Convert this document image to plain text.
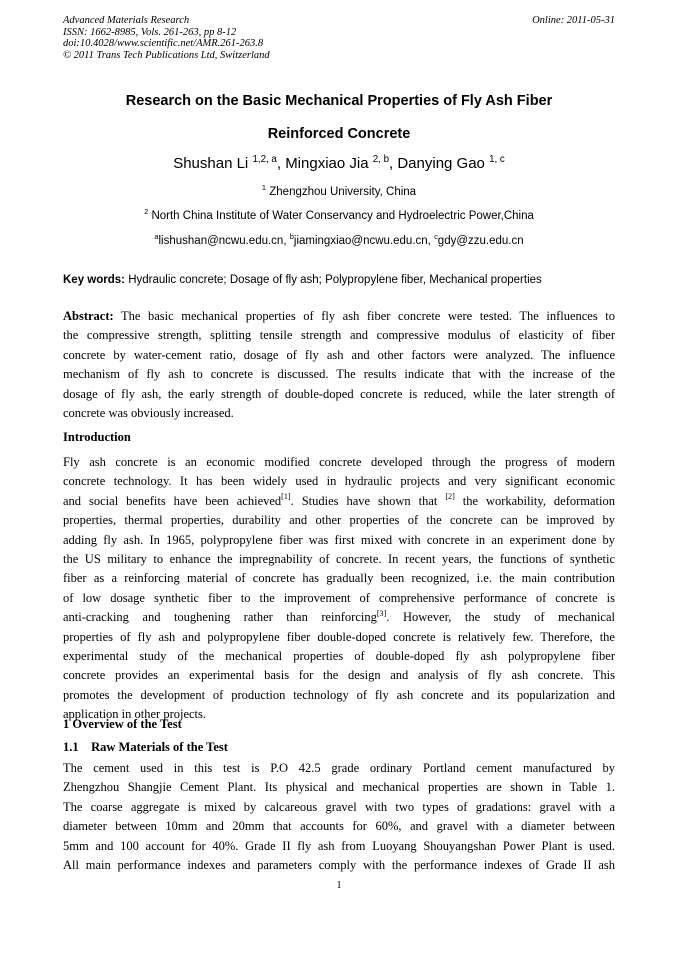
Advanced Materials Research
ISSN: 1662-8985, Vols. 261-263, pp 8-12
doi:10.4028/www.scientific.net/AMR.261-263.8
© 2011 Trans Tech Publications Ltd, Switzerland
Online: 2011-05-31
Research on the Basic Mechanical Properties of Fly Ash Fiber
Reinforced Concrete
Shushan Li $^{1,2, a}$, Mingxiao Jia $^{2, b}$, Danying Gao $^{1, c}$
$^1$ Zhengzhou University, China
$^2$ North China Institute of Water Conservancy and Hydroelectric Power,China
$^a$lishushan@ncwu.edu.cn, $^b$jiamingxiao@ncwu.edu.cn, $^c$gdy@zzu.edu.cn
Key words: Hydraulic concrete; Dosage of fly ash; Polypropylene fiber, Mechanical properties
Abstract: The basic mechanical properties of fly ash fiber concrete were tested. The influences to
the compressive strength, splitting tensile strength and compressive modulus of elasticity of fiber
concrete by water-cement ratio, dosage of fly ash and other factors were analyzed. The influence
mechanism of fly ash to concrete is discussed. The results indicate that with the increase of the
dosage of fly ash, the early strength of double-doped concrete is reduced, while the later strength of
concrete was obviously increased.
Introduction
Fly ash concrete is an economic modified concrete developed through the progress of modern
concrete technology. It has been widely used in hydraulic projects and very significant economic
and social benefits have been achieved[1]. Studies have shown that [2] the workability, deformation
properties, thermal properties, durability and other properties of the concrete can be improved by
adding fly ash. In 1965, polypropylene fiber was first mixed with concrete in an experiment done by
the US military to enhance the impregnability of concrete. In recent years, the functions of synthetic
fiber as a reinforcing material of concrete has gradually been recognized, i.e. the main contribution
of low dosage synthetic fiber to the improvement of comprehensive performance of concrete is
anti-cracking and toughening rather than reinforcing[3]. However, the study of mechanical
properties of fly ash and polypropylene fiber double-doped concrete is relatively few. Therefore, the
experimental study of the mechanical properties of double-doped fly ash polypropylene fiber
concrete provides an experimental basis for the design and analysis of fly ash concrete. This
promotes the development of production technology of fly ash concrete and its popularization and
application in other projects.
1 Overview of the Test
1.1    Raw Materials of the Test
The cement used in this test is P.O 42.5 grade ordinary Portland cement manufactured by
Zhengzhou Shangjie Cement Plant. Its physical and mechanical properties are shown in Table 1.
The coarse aggregate is mixed by calcareous gravel with two types of gradations: gravel with a
diameter between 10mm and 20mm that accounts for 60%, and gravel with a diameter between
5mm and 100 account for 40%. Grade II fly ash from Luoyang Shouyangshan Power Plant is used.
All main performance indexes and parameters comply with the performance indexes of Grade II ash
1
